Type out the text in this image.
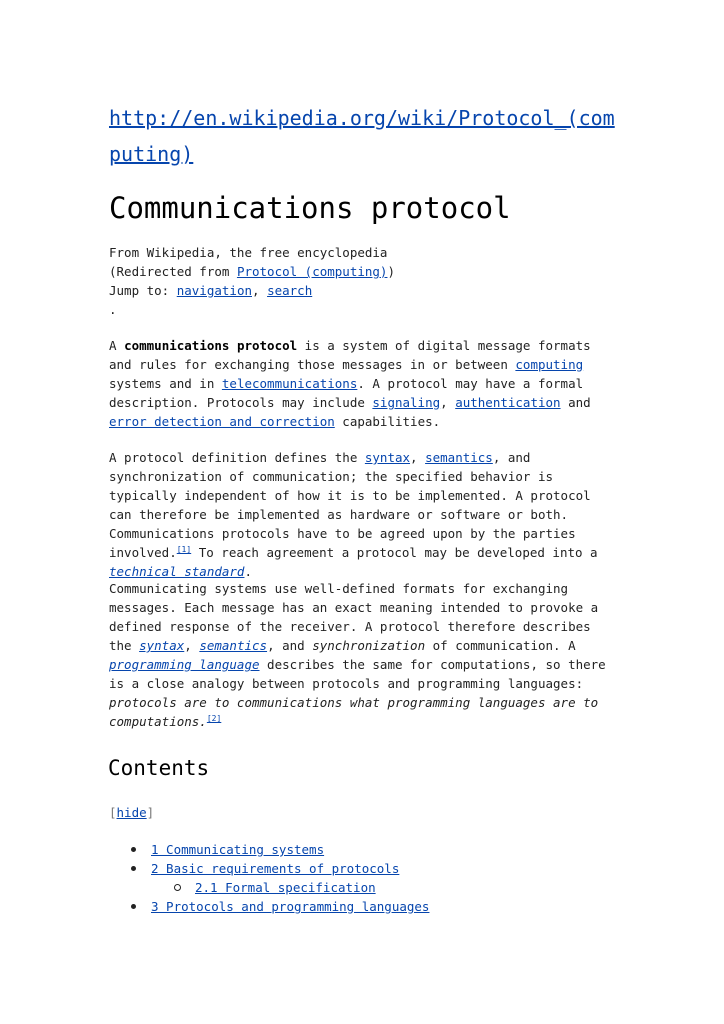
http://en.wikipedia.org/wiki/Protocol_(computing)
Communications protocol
From Wikipedia, the free encyclopedia
(Redirected from Protocol (computing))
Jump to: navigation, search
.

A communications protocol is a system of digital message formats and rules for exchanging those messages in or between computing systems and in telecommunications. A protocol may have a formal description. Protocols may include signaling, authentication and error detection and correction capabilities.

A protocol definition defines the syntax, semantics, and synchronization of communication; the specified behavior is typically independent of how it is to be implemented. A protocol can therefore be implemented as hardware or software or both. Communications protocols have to be agreed upon by the parties involved.[1] To reach agreement a protocol may be developed into a technical standard.

Communicating systems use well-defined formats for exchanging messages. Each message has an exact meaning intended to provoke a defined response of the receiver. A protocol therefore describes the syntax, semantics, and synchronization of communication. A programming language describes the same for computations, so there is a close analogy between protocols and programming languages: protocols are to communications what programming languages are to computations.[2]

Contents
[hide]
1 Communicating systems
2 Basic requirements of protocols
2.1 Formal specification
3 Protocols and programming languages
